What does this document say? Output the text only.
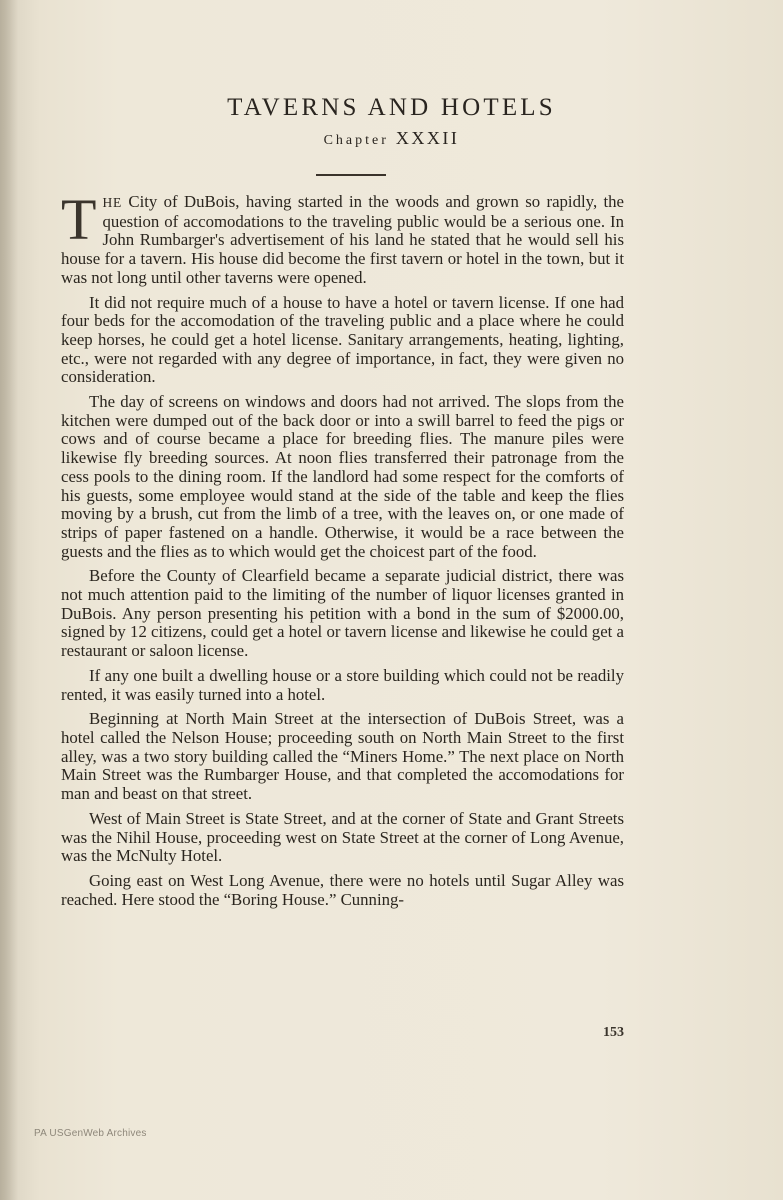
TAVERNS AND HOTELS
Chapter XXXII

THE City of DuBois, having started in the woods and grown so rapidly, the question of accomodations to the traveling public would be a serious one. In John Rumbarger's advertisement of his land he stated that he would sell his house for a tavern. His house did become the first tavern or hotel in the town, but it was not long until other taverns were opened.

It did not require much of a house to have a hotel or tavern license. If one had four beds for the accomodation of the traveling public and a place where he could keep horses, he could get a hotel license. Sanitary arrangements, heating, lighting, etc., were not regarded with any degree of importance, in fact, they were given no consideration.

The day of screens on windows and doors had not arrived. The slops from the kitchen were dumped out of the back door or into a swill barrel to feed the pigs or cows and of course became a place for breeding flies. The manure piles were likewise fly breeding sources. At noon flies transferred their patronage from the cess pools to the dining room. If the landlord had some respect for the comforts of his guests, some employee would stand at the side of the table and keep the flies moving by a brush, cut from the limb of a tree, with the leaves on, or one made of strips of paper fastened on a handle. Otherwise, it would be a race between the guests and the flies as to which would get the choicest part of the food.

Before the County of Clearfield became a separate judicial district, there was not much attention paid to the limiting of the number of liquor licenses granted in DuBois. Any person presenting his petition with a bond in the sum of $2000.00, signed by 12 citizens, could get a hotel or tavern license and likewise he could get a restaurant or saloon license.

If any one built a dwelling house or a store building which could not be readily rented, it was easily turned into a hotel.

Beginning at North Main Street at the intersection of DuBois Street, was a hotel called the Nelson House; proceeding south on North Main Street to the first alley, was a two story building called the “Miners Home.” The next place on North Main Street was the Rumbarger House, and that completed the accomodations for man and beast on that street.

West of Main Street is State Street, and at the corner of State and Grant Streets was the Nihil House, proceeding west on State Street at the corner of Long Avenue, was the McNulty Hotel.

Going east on West Long Avenue, there were no hotels until Sugar Alley was reached. Here stood the “Boring House.” Cunning-

153
PA USGenWeb Archives
